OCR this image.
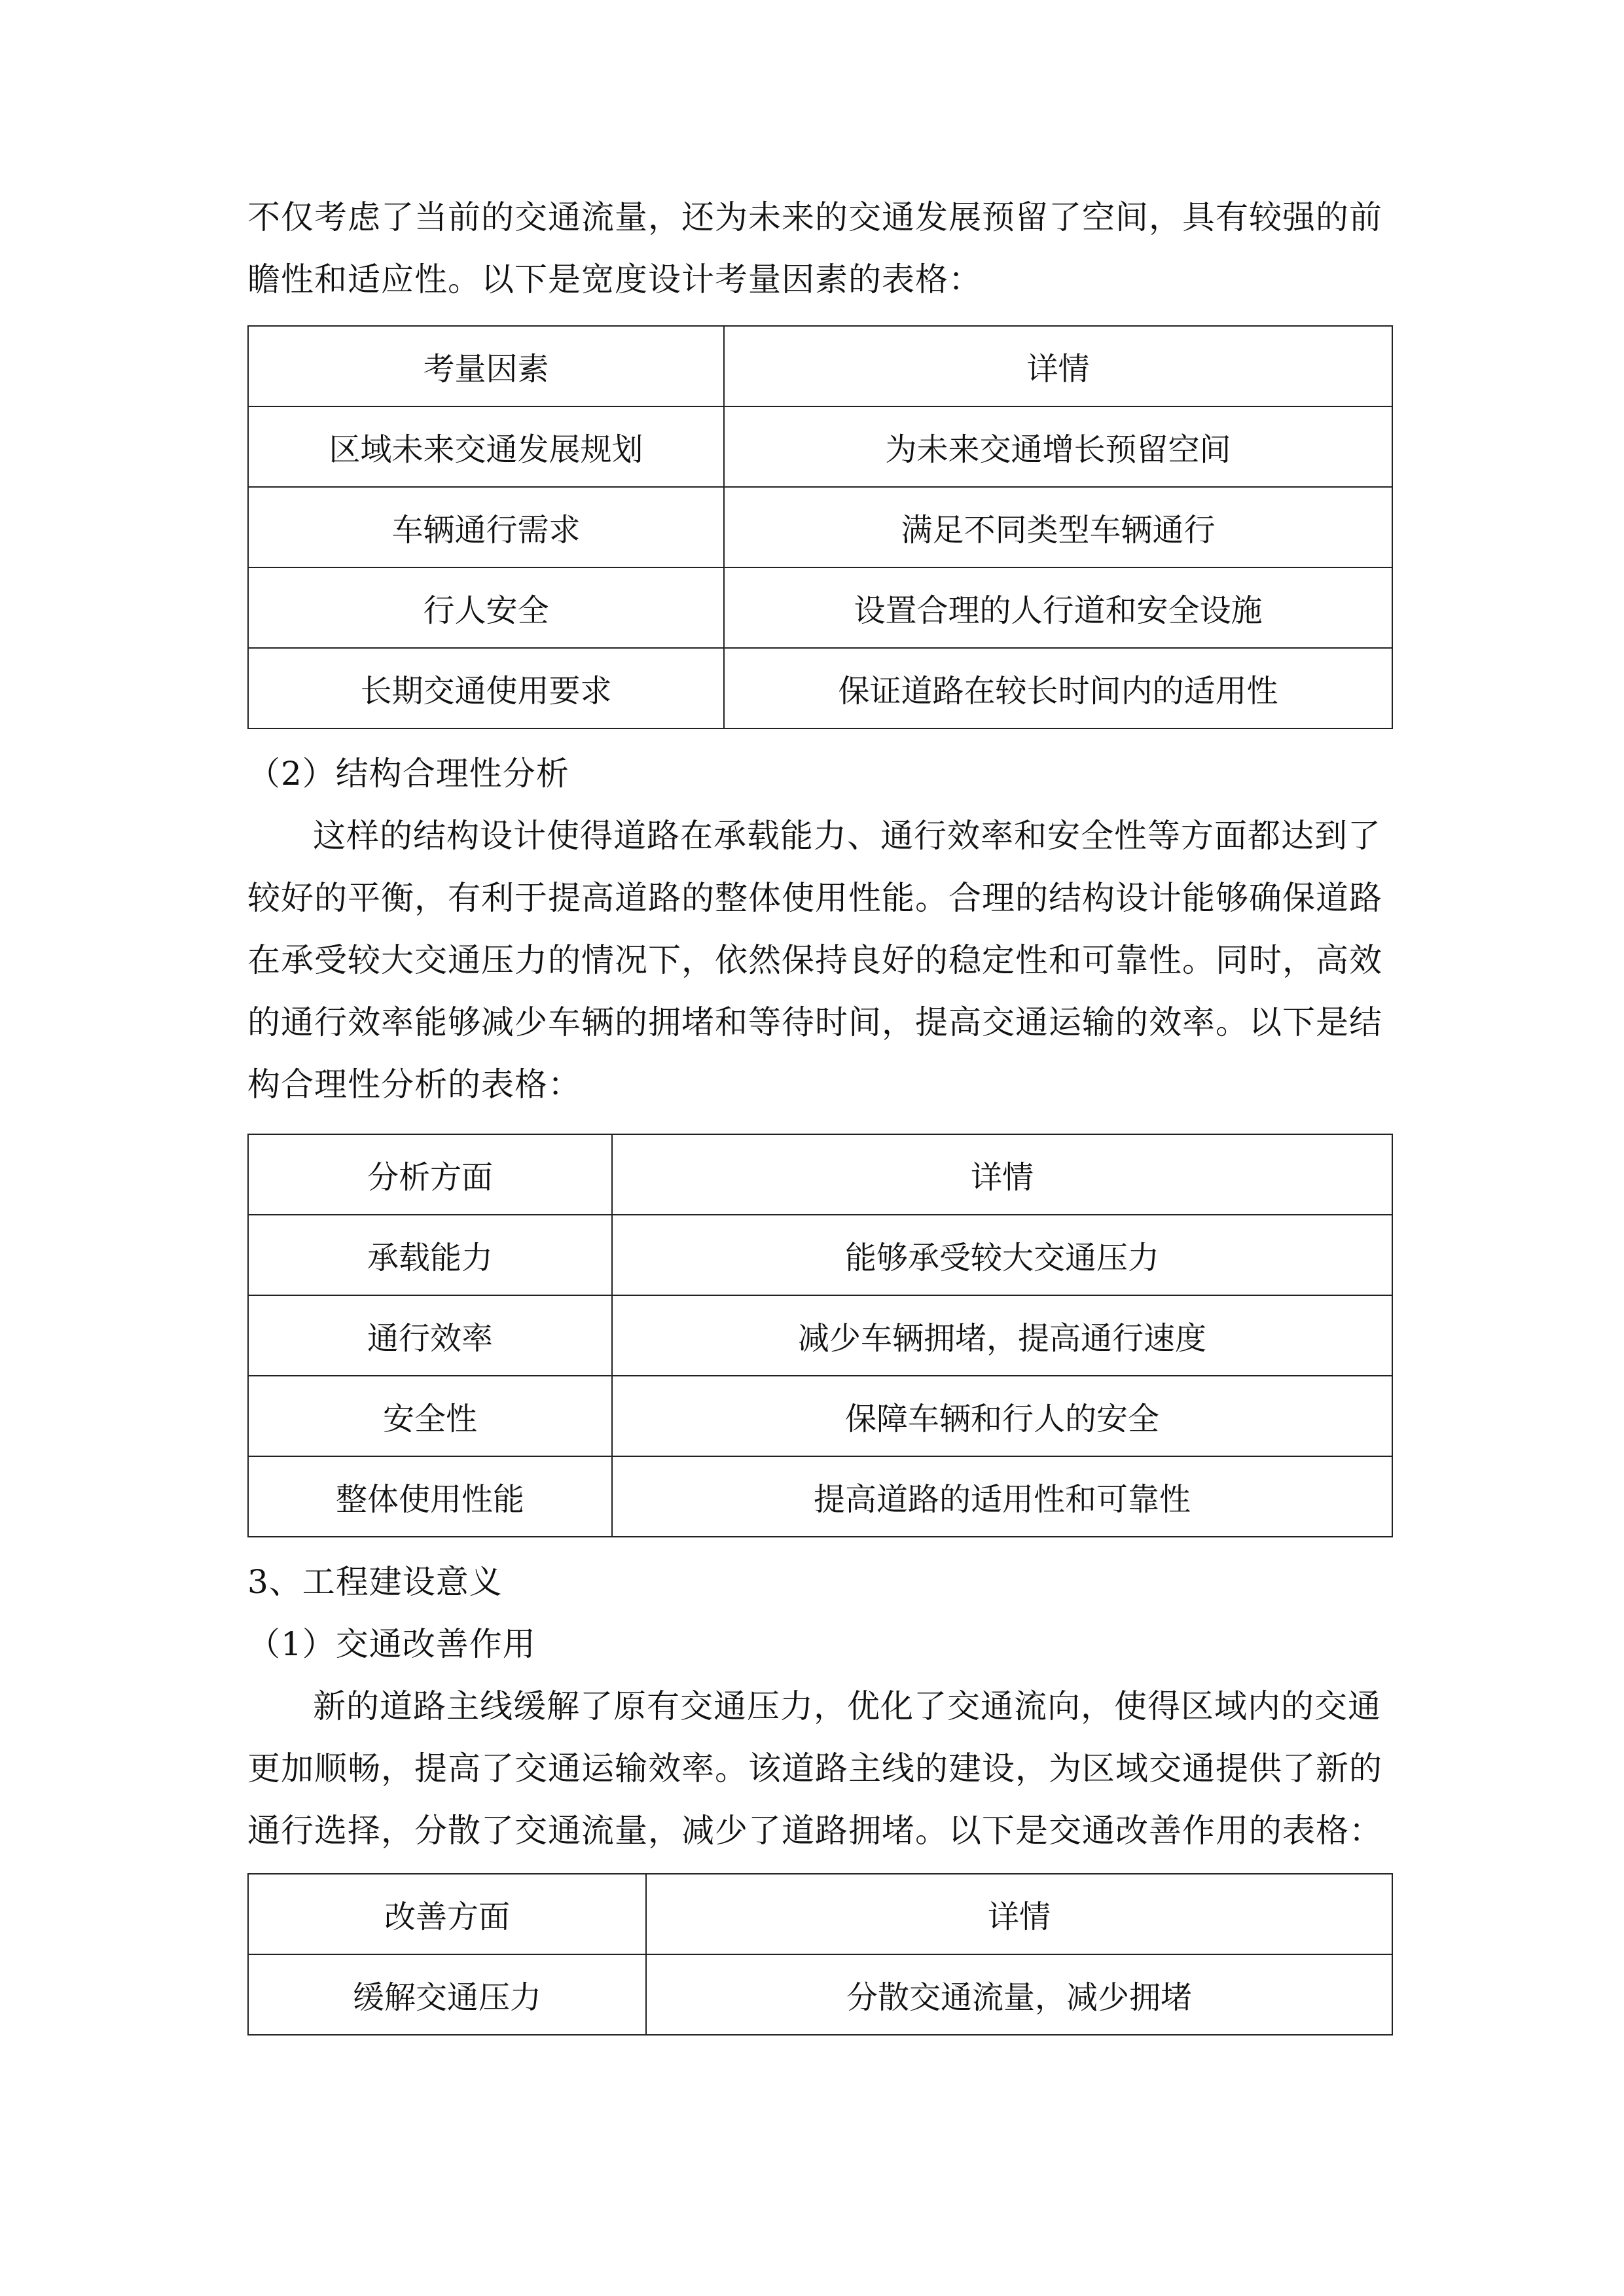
不仅考虑了当前的交通流量，还为未来的交通发展预留了空间，具有较强的前
瞻性和适应性。以下是宽度设计考量因素的表格：
考量因素	详情
区域未来交通发展规划	为未来交通增长预留空间
车辆通行需求	满足不同类型车辆通行
行人安全	设置合理的人行道和安全设施
长期交通使用要求	保证道路在较长时间内的适用性
（2）结构合理性分析
这样的结构设计使得道路在承载能力、通行效率和安全性等方面都达到了
较好的平衡，有利于提高道路的整体使用性能。合理的结构设计能够确保道路
在承受较大交通压力的情况下，依然保持良好的稳定性和可靠性。同时，高效
的通行效率能够减少车辆的拥堵和等待时间，提高交通运输的效率。以下是结
构合理性分析的表格：
分析方面	详情
承载能力	能够承受较大交通压力
通行效率	减少车辆拥堵，提高通行速度
安全性	保障车辆和行人的安全
整体使用性能	提高道路的适用性和可靠性
3、工程建设意义
（1）交通改善作用
新的道路主线缓解了原有交通压力，优化了交通流向，使得区域内的交通
更加顺畅，提高了交通运输效率。该道路主线的建设，为区域交通提供了新的
通行选择，分散了交通流量，减少了道路拥堵。以下是交通改善作用的表格：
改善方面	详情
缓解交通压力	分散交通流量，减少拥堵
